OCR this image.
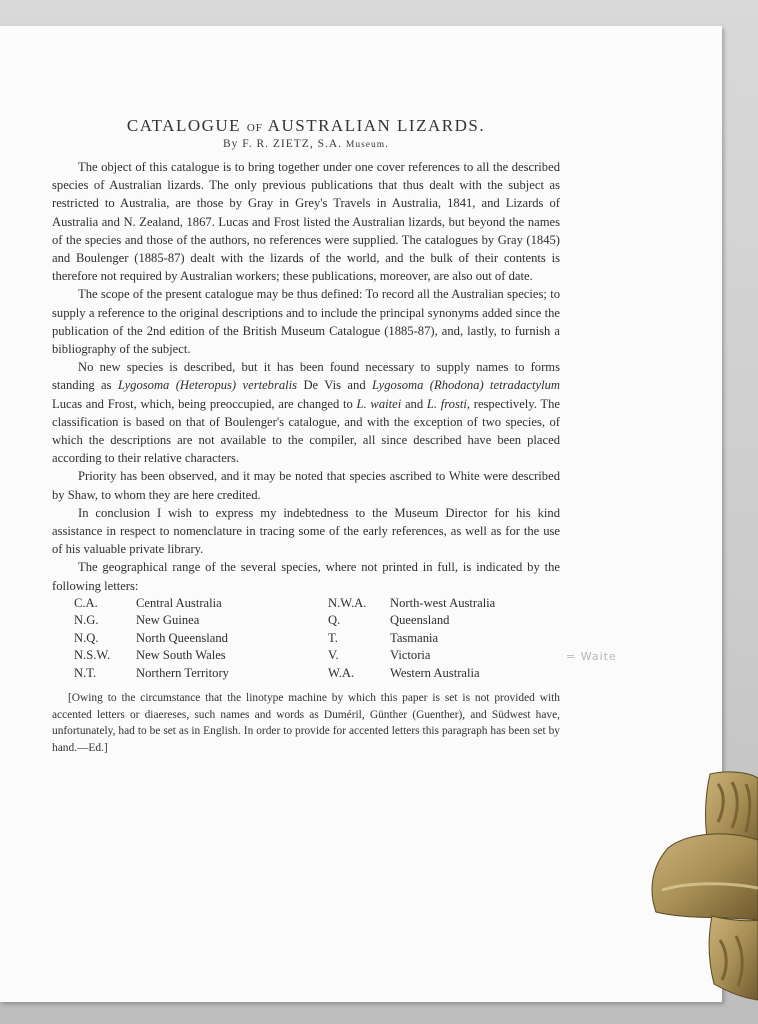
CATALOGUE OF AUSTRALIAN LIZARDS.

By F. R. ZIETZ, S.A. Museum.

The object of this catalogue is to bring together under one cover references to all the described species of Australian lizards. The only previous publications that thus dealt with the subject as restricted to Australia, are those by Gray in Grey's Travels in Australia, 1841, and Lizards of Australia and N. Zealand, 1867. Lucas and Frost listed the Australian lizards, but beyond the names of the species and those of the authors, no references were supplied. The catalogues by Gray (1845) and Boulenger (1885-87) dealt with the lizards of the world, and the bulk of their contents is therefore not required by Australian workers; these publications, moreover, are also out of date.

The scope of the present catalogue may be thus defined: To record all the Australian species; to supply a reference to the original descriptions and to include the principal synonyms added since the publication of the 2nd edition of the British Museum Catalogue (1885-87), and, lastly, to furnish a bibliography of the subject.

No new species is described, but it has been found necessary to supply names to forms standing as Lygosoma (Heteropus) vertebralis De Vis and Lygosoma (Rhodona) tetradactylum Lucas and Frost, which, being preoccupied, are changed to L. waitei and L. frosti, respectively. The classification is based on that of Boulenger's catalogue, and with the exception of two species, of which the descriptions are not available to the compiler, all since described have been placed according to their relative characters.

Priority has been observed, and it may be noted that species ascribed to White were described by Shaw, to whom they are here credited.

In conclusion I wish to express my indebtedness to the Museum Director for his kind assistance in respect to nomenclature in tracing some of the early references, as well as for the use of his valuable private library.

The geographical range of the several species, where not printed in full, is indicated by the following letters:

C.A.	Central Australia	N.W.A.	North-west Australia
N.G.	New Guinea	Q.	Queensland
N.Q.	North Queensland	T.	Tasmania
N.S.W.	New South Wales	V.	Victoria
N.T.	Northern Territory	W.A.	Western Australia

[Owing to the circumstance that the linotype machine by which this paper is set is not provided with accented letters or diaereses, such names and words as Duméril, Günther (Guenther), and Südwest have, unfortunately, had to be set as in English. In order to provide for accented letters this paragraph has been set by hand.—Ed.]

= Waite
